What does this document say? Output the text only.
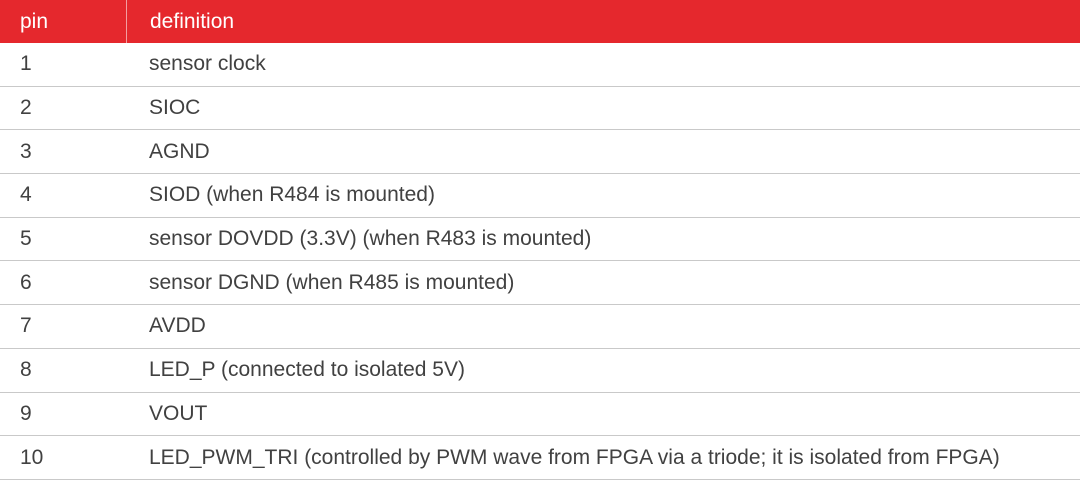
pin	definition
1	sensor clock
2	SIOC
3	AGND
4	SIOD (when R484 is mounted)
5	sensor DOVDD (3.3V) (when R483 is mounted)
6	sensor DGND (when R485 is mounted)
7	AVDD
8	LED_P (connected to isolated 5V)
9	VOUT
10	LED_PWM_TRI (controlled by PWM wave from FPGA via a triode; it is isolated from FPGA)
